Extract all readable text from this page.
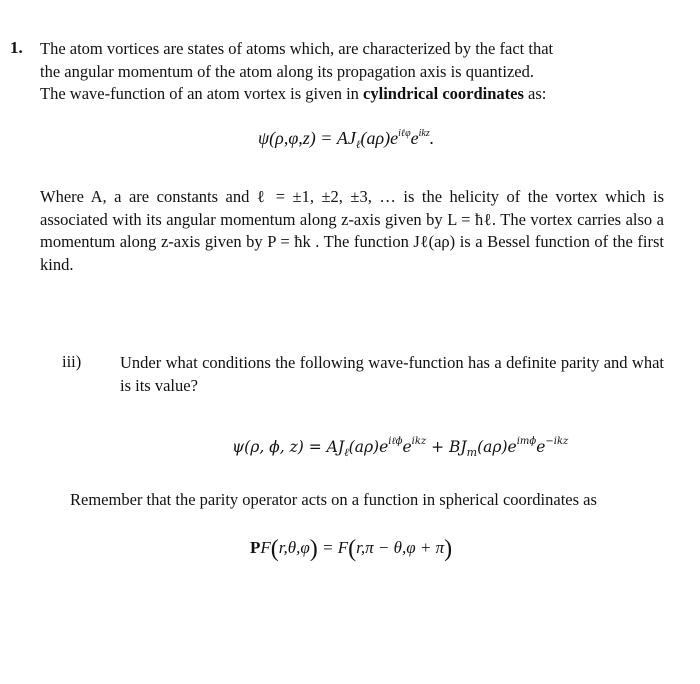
1. The atom vortices are states of atoms which, are characterized by the fact that
the angular momentum of the atom along its propagation axis is quantized.
The wave-function of an atom vortex is given in cylindrical coordinates as:
$\psi(\rho,\varphi,z) = AJ_\ell(a\rho)e^{i\ell\varphi}e^{ikz}$.
Where A, a are constants and ℓ = ±1, ±2, ±3, … is the helicity of the vortex which is associated with its angular momentum along z-axis given by L = ħℓ. The vortex carries also a momentum along z-axis given by P = ħk . The function Jℓ(aρ) is a Bessel function of the first kind.
iii) Under what conditions the following wave-function has a definite parity and what is its value?
ψ(ρ, ϕ, $z) = AJ_\ell(a\rho)e^{i\ell\phi}e^{ikz} + BJ_m(a\rho)e^{im\phi}e^{-ikz}$
Remember that the parity operator acts on a function in spherical coordinates as
PF(r,θ,φ) = F(r,π − θ,φ + π)
